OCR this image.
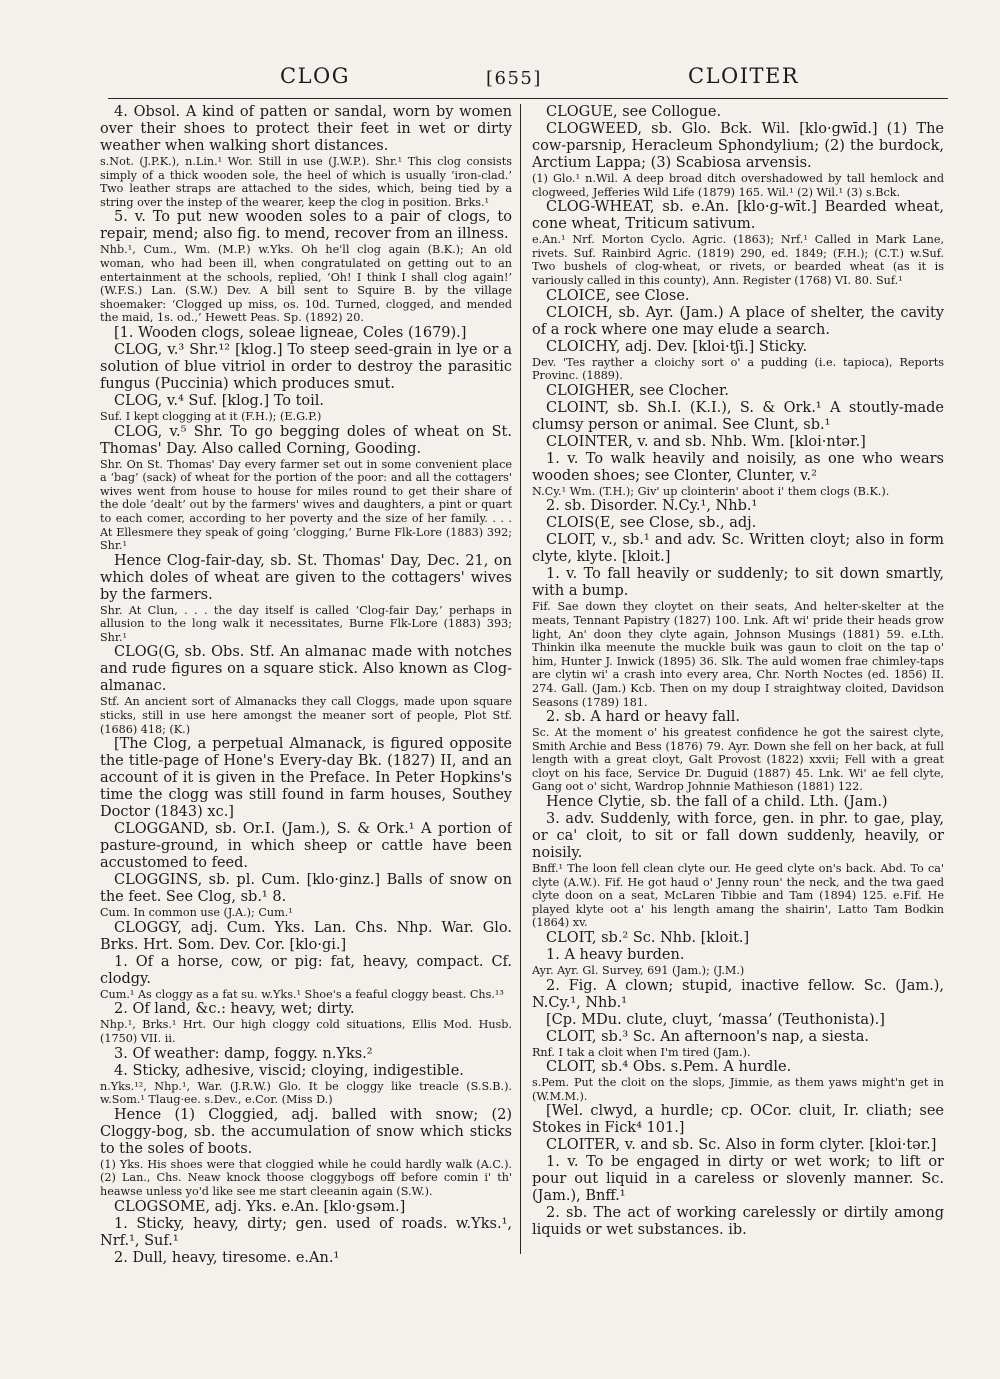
CLOG	[655]	CLOITER

4. Obsol. A kind of patten or sandal, worn by women over their shoes to protect their feet in wet or dirty weather when walking short distances.

s.Not. (J.P.K.), n.Lin.¹ Wor. Still in use (J.W.P.). Shr.¹ This clog consists simply of a thick wooden sole, the heel of which is usually ‘iron-clad.’ Two leather straps are attached to the sides, which, being tied by a string over the instep of the wearer, keep the clog in position. Brks.¹

5. v. To put new wooden soles to a pair of clogs, to repair, mend; also fig. to mend, recover from an illness.

Nhb.¹, Cum., Wm. (M.P.) w.Yks. Oh he'll clog again (B.K.); An old woman, who had been ill, when congratulated on getting out to an entertainment at the schools, replied, ‘Oh! I think I shall clog again!’ (W.F.S.) Lan. (S.W.) Dev. A bill sent to Squire B. by the village shoemaker: ‘Clogged up miss, os. 10d. Turned, clogged, and mended the maid, 1s. od.,’ Hewett Peas. Sp. (1892) 20.

[1. Wooden clogs, soleae ligneae, Coles (1679).]

CLOG, v.³ Shr.¹² [klog.] To steep seed-grain in lye or a solution of blue vitriol in order to destroy the parasitic fungus (Puccinia) which produces smut.

CLOG, v.⁴ Suf. [klog.] To toil.

Suf. I kept clogging at it (F.H.); (E.G.P.)

CLOG, v.⁵ Shr. To go begging doles of wheat on St. Thomas' Day. Also called Corning, Gooding.

Shr. On St. Thomas' Day every farmer set out in some convenient place a ‘bag’ (sack) of wheat for the portion of the poor: and all the cottagers' wives went from house to house for miles round to get their share of the dole ‘dealt’ out by the farmers' wives and daughters, a pint or quart to each comer, according to her poverty and the size of her family. . . . At Ellesmere they speak of going ‘clogging,’ Burne Flk-Lore (1883) 392; Shr.¹

Hence Clog-fair-day, sb. St. Thomas' Day, Dec. 21, on which doles of wheat are given to the cottagers' wives by the farmers.

Shr. At Clun, . . . the day itself is called ‘Clog-fair Day,’ perhaps in allusion to the long walk it necessitates, Burne Flk-Lore (1883) 393; Shr.¹

CLOG(G, sb. Obs. Stf. An almanac made with notches and rude figures on a square stick. Also known as Clog-almanac.

Stf. An ancient sort of Almanacks they call Cloggs, made upon square sticks, still in use here amongst the meaner sort of people, Plot Stf. (1686) 418; (K.)

[The Clog, a perpetual Almanack, is figured opposite the title-page of Hone's Every-day Bk. (1827) II, and an account of it is given in the Preface. In Peter Hopkins's time the clogg was still found in farm houses, Southey Doctor (1843) xc.]

CLOGGAND, sb. Or.I. (Jam.), S. & Ork.¹ A portion of pasture-ground, in which sheep or cattle have been accustomed to feed.

CLOGGINS, sb. pl. Cum. [klo·ginz.] Balls of snow on the feet. See Clog, sb.¹ 8.

Cum. In common use (J.A.); Cum.¹

CLOGGY, adj. Cum. Yks. Lan. Chs. Nhp. War. Glo. Brks. Hrt. Som. Dev. Cor. [klo·gi.]

1. Of a horse, cow, or pig: fat, heavy, compact. Cf. clodgy.

Cum.¹ As cloggy as a fat su. w.Yks.¹ Shoe's a feaful cloggy beast. Chs.¹³

2. Of land, &c.: heavy, wet; dirty.

Nhp.¹, Brks.¹ Hrt. Our high cloggy cold situations, Ellis Mod. Husb. (1750) VII. ii.

3. Of weather: damp, foggy. n.Yks.²

4. Sticky, adhesive, viscid; cloying, indigestible.

n.Yks.¹², Nhp.¹, War. (J.R.W.) Glo. It be cloggy like treacle (S.S.B.). w.Som.¹ Tlaug·ee. s.Dev., e.Cor. (Miss D.)

Hence (1) Cloggied, adj. balled with snow; (2) Cloggy-bog, sb. the accumulation of snow which sticks to the soles of boots.

(1) Yks. His shoes were that cloggied while he could hardly walk (A.C.). (2) Lan., Chs. Neaw knock thoose cloggybogs off before comin i' th' heawse unless yo'd like see me start cleeanin again (S.W.).

CLOGSOME, adj. Yks. e.An. [klo·gsəm.]

1. Sticky, heavy, dirty; gen. used of roads. w.Yks.¹, Nrf.¹, Suf.¹

2. Dull, heavy, tiresome. e.An.¹

CLOGUE, see Collogue.

CLOGWEED, sb. Glo. Bck. Wil. [klo·gwīd.] (1) The cow-parsnip, Heracleum Sphondylium; (2) the burdock, Arctium Lappa; (3) Scabiosa arvensis.

(1) Glo.¹ n.Wil. A deep broad ditch overshadowed by tall hemlock and clogweed, Jefferies Wild Life (1879) 165. Wil.¹ (2) Wil.¹ (3) s.Bck.

CLOG-WHEAT, sb. e.An. [klo·g-wīt.] Bearded wheat, cone wheat, Triticum sativum.

e.An.¹ Nrf. Morton Cyclo. Agric. (1863); Nrf.¹ Called in Mark Lane, rivets. Suf. Rainbird Agric. (1819) 290, ed. 1849; (F.H.); (C.T.) w.Suf. Two bushels of clog-wheat, or rivets, or bearded wheat (as it is variously called in this county), Ann. Register (1768) VI. 80. Suf.¹

CLOICE, see Close.

CLOICH, sb. Ayr. (Jam.) A place of shelter, the cavity of a rock where one may elude a search.

CLOICHY, adj. Dev. [kloi·tʃi.] Sticky.

Dev. 'Tes rayther a cloichy sort o' a pudding (i.e. tapioca), Reports Provinc. (1889).

CLOIGHER, see Clocher.

CLOINT, sb. Sh.I. (K.I.), S. & Ork.¹ A stoutly-made clumsy person or animal. See Clunt, sb.¹

CLOINTER, v. and sb. Nhb. Wm. [kloi·ntər.]

1. v. To walk heavily and noisily, as one who wears wooden shoes; see Clonter, Clunter, v.²

N.Cy.¹ Wm. (T.H.); Giv' up clointerin' aboot i' them clogs (B.K.).

2. sb. Disorder. N.Cy.¹, Nhb.¹

CLOIS(E, see Close, sb., adj.

CLOIT, v., sb.¹ and adv. Sc. Written cloyt; also in form clyte, klyte. [kloit.]

1. v. To fall heavily or suddenly; to sit down smartly, with a bump.

Fif. Sae down they cloytet on their seats, And helter-skelter at the meats, Tennant Papistry (1827) 100. Lnk. Aft wi' pride their heads grow light, An' doon they clyte again, Johnson Musings (1881) 59. e.Lth. Thinkin ilka meenute the muckle buik was gaun to cloit on the tap o' him, Hunter J. Inwick (1895) 36. Slk. The auld women frae chimley-taps are clytin wi' a crash into every area, Chr. North Noctes (ed. 1856) II. 274. Gall. (Jam.) Kcb. Then on my doup I straightway cloited, Davidson Seasons (1789) 181.

2. sb. A hard or heavy fall.

Sc. At the moment o' his greatest confidence he got the sairest clyte, Smith Archie and Bess (1876) 79. Ayr. Down she fell on her back, at full length with a great cloyt, Galt Provost (1822) xxvii; Fell with a great cloyt on his face, Service Dr. Duguid (1887) 45. Lnk. Wi' ae fell clyte, Gang oot o' sicht, Wardrop Johnnie Mathieson (1881) 122.

Hence Clytie, sb. the fall of a child. Lth. (Jam.)

3. adv. Suddenly, with force, gen. in phr. to gae, play, or ca' cloit, to sit or fall down suddenly, heavily, or noisily.

Bnff.¹ The loon fell clean clyte our. He geed clyte on's back. Abd. To ca' clyte (A.W.). Fif. He got haud o' Jenny roun' the neck, and the twa gaed clyte doon on a seat, McLaren Tibbie and Tam (1894) 125. e.Fif. He played klyte oot a' his length amang the shairin', Latto Tam Bodkin (1864) xv.

CLOIT, sb.² Sc. Nhb. [kloit.]

1. A heavy burden.

Ayr. Ayr. Gl. Survey, 691 (Jam.); (J.M.)

2. Fig. A clown; stupid, inactive fellow. Sc. (Jam.), N.Cy.¹, Nhb.¹

[Cp. MDu. clute, cluyt, ‘massa’ (Teuthonista).]

CLOIT, sb.³ Sc. An afternoon's nap, a siesta.

Rnf. I tak a cloit when I'm tired (Jam.).

CLOIT, sb.⁴ Obs. s.Pem. A hurdle.

s.Pem. Put the cloit on the slops, Jimmie, as them yaws might'n get in (W.M.M.).

[Wel. clwyd, a hurdle; cp. OCor. cluit, Ir. cliath; see Stokes in Fick⁴ 101.]

CLOITER, v. and sb. Sc. Also in form clyter. [kloi·tər.]

1. v. To be engaged in dirty or wet work; to lift or pour out liquid in a careless or slovenly manner. Sc. (Jam.), Bnff.¹

2. sb. The act of working carelessly or dirtily among liquids or wet substances. ib.
